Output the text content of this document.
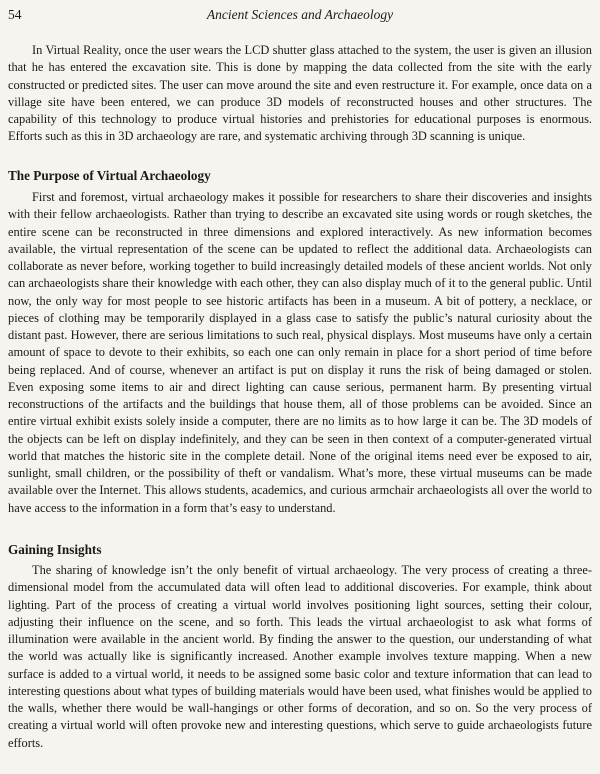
54	Ancient Sciences and Archaeology

In Virtual Reality, once the user wears the LCD shutter glass attached to the system, the user is given an illusion that he has entered the excavation site. This is done by mapping the data collected from the site with the early constructed or predicted sites. The user can move around the site and even restructure it. For example, once data on a village site have been entered, we can produce 3D models of reconstructed houses and other structures. The capability of this technology to produce virtual histories and prehistories for educational purposes is enormous. Efforts such as this in 3D archaeology are rare, and systematic archiving through 3D scanning is unique.

The Purpose of Virtual Archaeology

First and foremost, virtual archaeology makes it possible for researchers to share their discoveries and insights with their fellow archaeologists. Rather than trying to describe an excavated site using words or rough sketches, the entire scene can be reconstructed in three dimensions and explored interactively. As new information becomes available, the virtual representation of the scene can be updated to reflect the additional data. Archaeologists can collaborate as never before, working together to build increasingly detailed models of these ancient worlds. Not only can archaeologists share their knowledge with each other, they can also display much of it to the general public. Until now, the only way for most people to see historic artifacts has been in a museum. A bit of pottery, a necklace, or pieces of clothing may be temporarily displayed in a glass case to satisfy the public’s natural curiosity about the distant past. However, there are serious limitations to such real, physical displays. Most museums have only a certain amount of space to devote to their exhibits, so each one can only remain in place for a short period of time before being replaced. And of course, whenever an artifact is put on display it runs the risk of being damaged or stolen. Even exposing some items to air and direct lighting can cause serious, permanent harm. By presenting virtual reconstructions of the artifacts and the buildings that house them, all of those problems can be avoided. Since an entire virtual exhibit exists solely inside a computer, there are no limits as to how large it can be. The 3D models of the objects can be left on display indefinitely, and they can be seen in then context of a computer-generated virtual world that matches the historic site in the complete detail. None of the original items need ever be exposed to air, sunlight, small children, or the possibility of theft or vandalism. What’s more, these virtual museums can be made available over the Internet. This allows students, academics, and curious armchair archaeologists all over the world to have access to the information in a form that’s easy to understand.

Gaining Insights

The sharing of knowledge isn’t the only benefit of virtual archaeology. The very process of creating a three-dimensional model from the accumulated data will often lead to additional discoveries. For example, think about lighting. Part of the process of creating a virtual world involves positioning light sources, setting their colour, adjusting their influence on the scene, and so forth. This leads the virtual archaeologist to ask what forms of illumination were available in the ancient world. By finding the answer to the question, our understanding of what the world was actually like is significantly increased. Another example involves texture mapping. When a new surface is added to a virtual world, it needs to be assigned some basic color and texture information that can lead to interesting questions about what types of building materials would have been used, what finishes would be applied to the walls, whether there would be wall-hangings or other forms of decoration, and so on. So the very process of creating a virtual world will often provoke new and interesting questions, which serve to guide archaeologists future efforts.
